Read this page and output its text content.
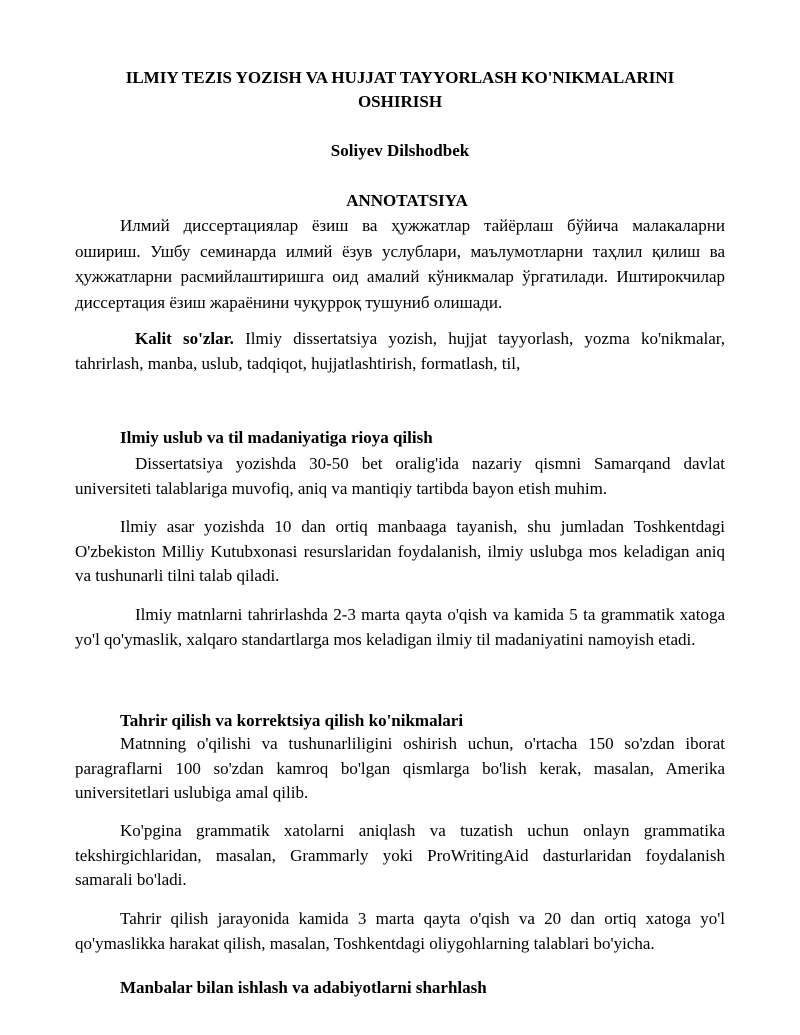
ILMIY TEZIS YOZISH VA HUJJAT TAYYORLASH KO'NIKMALARINI OSHIRISH
Soliyev Dilshodbek
ANNOTATSIYA

Илмий диссертациялар ёзиш ва ҳужжатлар тайёрлаш бўйича малакаларни ошириш. Ушбу семинарда илмий ёзув услублари, маълумотларни таҳлил қилиш ва ҳужжатларни расмийлаштиришга оид амалий кўникмалар ўргатилади. Иштирокчилар диссертация ёзиш жараёнини чуқурроқ тушуниб олишади.

Kalit so'zlar. Ilmiy dissertatsiya yozish, hujjat tayyorlash, yozma ko'nikmalar, tahrirlash, manba, uslub, tadqiqot, hujjatlashtirish, formatlash, til,

Ilmiy uslub va til madaniyatiga rioya qilish

Dissertatsiya yozishda 30-50 bet oralig'ida nazariy qismni Samarqand davlat universiteti talablariga muvofiq, aniq va mantiqiy tartibda bayon etish muhim.

Ilmiy asar yozishda 10 dan ortiq manbaaga tayanish, shu jumladan Toshkentdagi O'zbekiston Milliy Kutubxonasi resurslaridan foydalanish, ilmiy uslubga mos keladigan aniq va tushunarli tilni talab qiladi.

Ilmiy matnlarni tahrirlashda 2-3 marta qayta o'qish va kamida 5 ta grammatik xatoga yo'l qo'ymaslik, xalqaro standartlarga mos keladigan ilmiy til madaniyatini namoyish etadi.

Tahrir qilish va korrektsiya qilish ko'nikmalari

Matnning o'qilishi va tushunarliligini oshirish uchun, o'rtacha 150 so'zdan iborat paragraflarni 100 so'zdan kamroq bo'lgan qismlarga bo'lish kerak, masalan, Amerika universitetlari uslubiga amal qilib.

Ko'pgina grammatik xatolarni aniqlash va tuzatish uchun onlayn grammatika tekshirgichlaridan, masalan, Grammarly yoki ProWritingAid dasturlaridan foydalanish samarali bo'ladi.

Tahrir qilish jarayonida kamida 3 marta qayta o'qish va 20 dan ortiq xatoga yo'l qo'ymaslikka harakat qilish, masalan, Toshkentdagi oliygohlarning talablari bo'yicha.

Manbalar bilan ishlash va adabiyotlarni sharhlash
